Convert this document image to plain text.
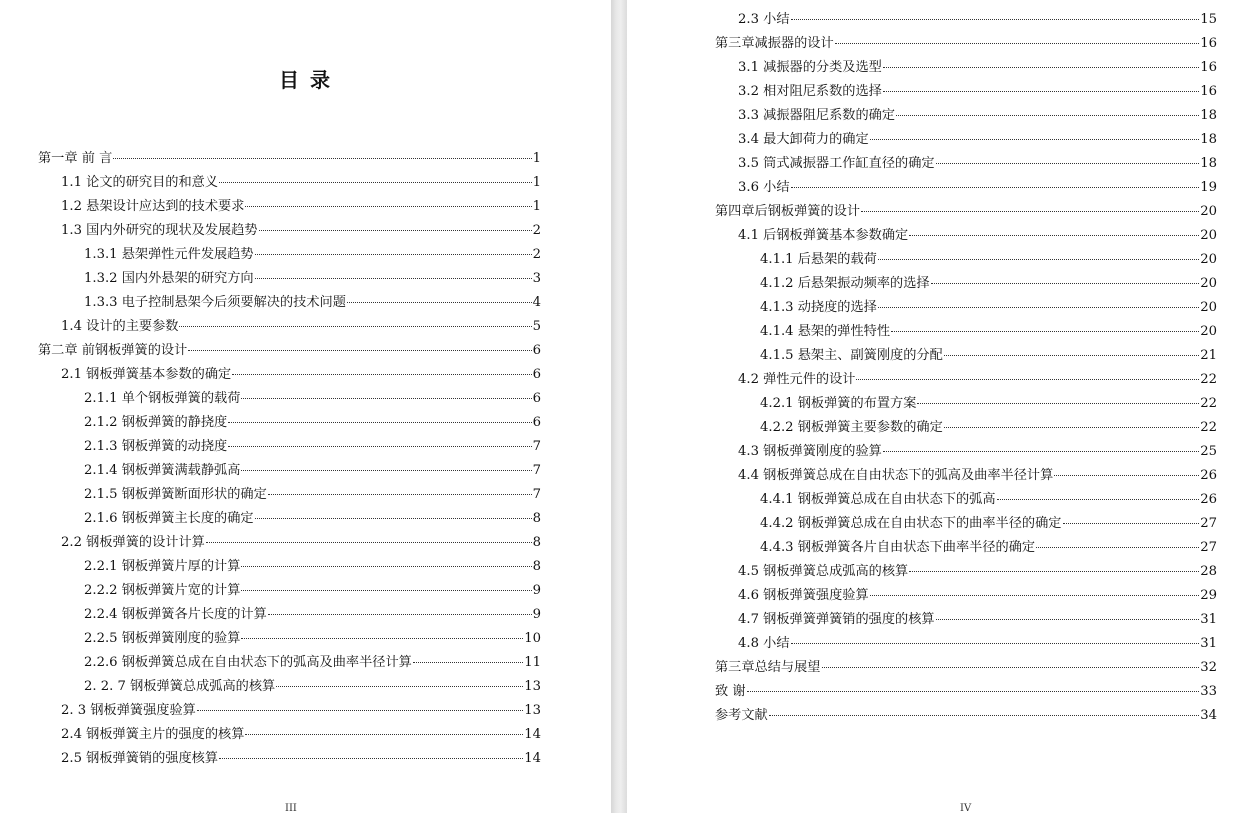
目 录
第一章 前 言	1
1.1 论文的研究目的和意义	1
1.2 悬架设计应达到的技术要求	1
1.3 国内外研究的现状及发展趋势	2
1.3.1 悬架弹性元件发展趋势	2
1.3.2 国内外悬架的研究方向	3
1.3.3 电子控制悬架今后须要解决的技术问题	4
1.4 设计的主要参数	5
第二章 前钢板弹簧的设计	6
2.1 钢板弹簧基本参数的确定	6
2.1.1 单个钢板弹簧的载荷	6
2.1.2 钢板弹簧的静挠度	6
2.1.3 钢板弹簧的动挠度	7
2.1.4 钢板弹簧满载静弧高	7
2.1.5 钢板弹簧断面形状的确定	7
2.1.6 钢板弹簧主长度的确定	8
2.2 钢板弹簧的设计计算	8
2.2.1 钢板弹簧片厚的计算	8
2.2.2 钢板弹簧片宽的计算	9
2.2.4 钢板弹簧各片长度的计算	9
2.2.5 钢板弹簧刚度的验算	10
2.2.6 钢板弹簧总成在自由状态下的弧高及曲率半径计算	11
2. 2. 7 钢板弹簧总成弧高的核算	13
2. 3 钢板弹簧强度验算	13
2.4 钢板弹簧主片的强度的核算	14
2.5 钢板弹簧销的强度核算	14
III
2.3 小结	15
第三章减振器的设计	16
3.1 减振器的分类及选型	16
3.2 相对阻尼系数的选择	16
3.3 减振器阻尼系数的确定	18
3.4 最大卸荷力的确定	18
3.5 筒式减振器工作缸直径的确定	18
3.6 小结	19
第四章后钢板弹簧的设计	20
4.1 后钢板弹簧基本参数确定	20
4.1.1 后悬架的载荷	20
4.1.2 后悬架振动频率的选择	20
4.1.3 动挠度的选择	20
4.1.4 悬架的弹性特性	20
4.1.5 悬架主、副簧刚度的分配	21
4.2 弹性元件的设计	22
4.2.1 钢板弹簧的布置方案	22
4.2.2 钢板弹簧主要参数的确定	22
4.3 钢板弹簧刚度的验算	25
4.4 钢板弹簧总成在自由状态下的弧高及曲率半径计算	26
4.4.1 钢板弹簧总成在自由状态下的弧高	26
4.4.2 钢板弹簧总成在自由状态下的曲率半径的确定	27
4.4.3 钢板弹簧各片自由状态下曲率半径的确定	27
4.5 钢板弹簧总成弧高的核算	28
4.6 钢板弹簧强度验算	29
4.7 钢板弹簧弹簧销的强度的核算	31
4.8 小结	31
第三章总结与展望	32
致 谢	33
参考文献	34
IV
